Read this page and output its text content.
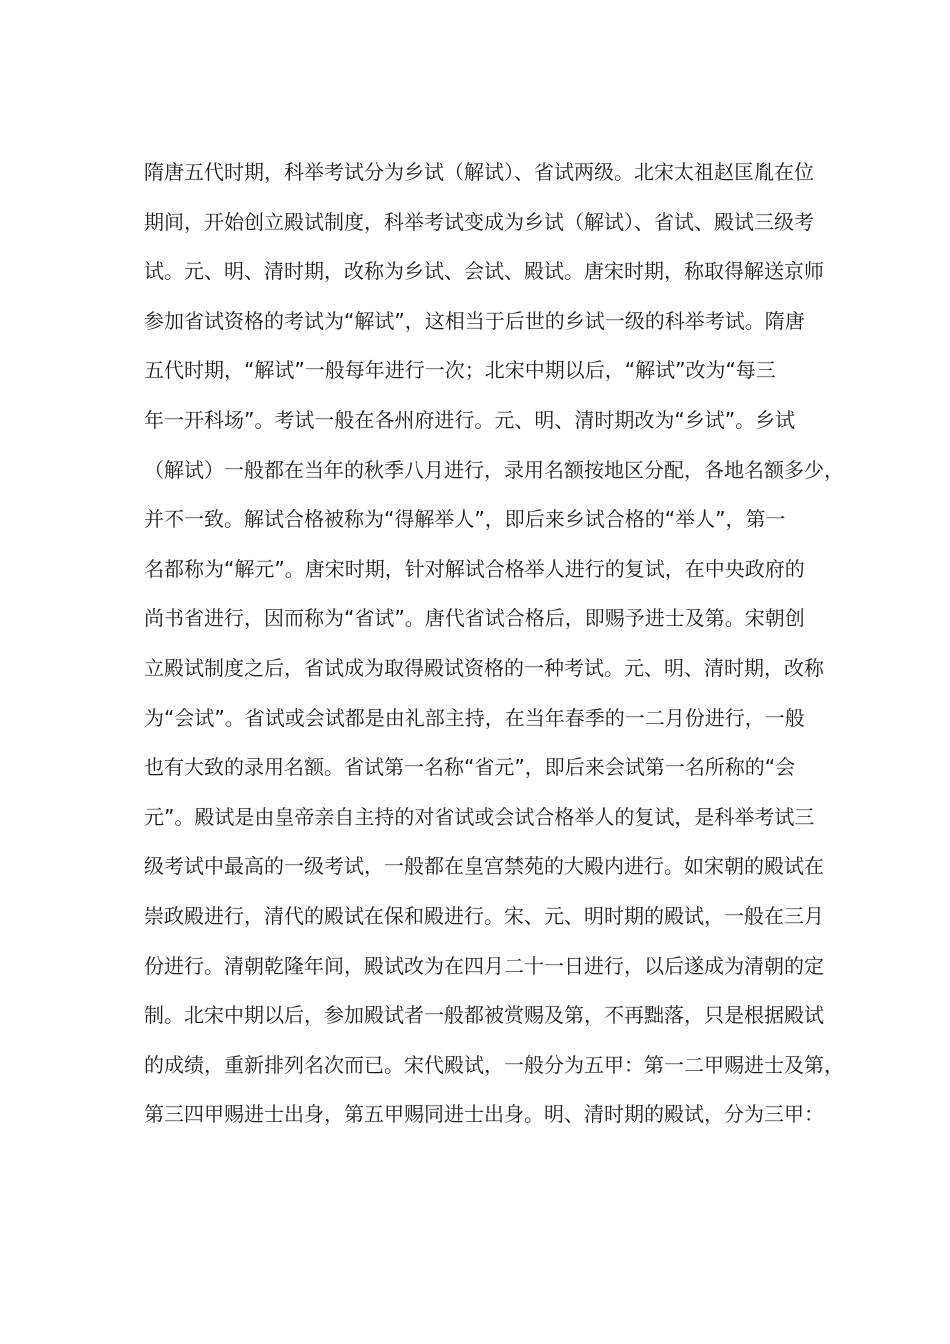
隋唐五代时期，科举考试分为乡试（解试）、省试两级。北宋太祖赵匡胤在位
期间，开始创立殿试制度，科举考试变成为乡试（解试）、省试、殿试三级考
试。元、明、清时期，改称为乡试、会试、殿试。唐宋时期，称取得解送京师
参加省试资格的考试为“解试”，这相当于后世的乡试一级的科举考试。隋唐
五代时期，“解试”一般每年进行一次；北宋中期以后，“解试”改为“每三
年一开科场”。考试一般在各州府进行。元、明、清时期改为“乡试”。乡试
（解试）一般都在当年的秋季八月进行，录用名额按地区分配，各地名额多少，
并不一致。解试合格被称为“得解举人”，即后来乡试合格的“举人”，第一
名都称为“解元”。唐宋时期，针对解试合格举人进行的复试，在中央政府的
尚书省进行，因而称为“省试”。唐代省试合格后，即赐予进士及第。宋朝创
立殿试制度之后，省试成为取得殿试资格的一种考试。元、明、清时期，改称
为“会试”。省试或会试都是由礼部主持，在当年春季的一二月份进行，一般
也有大致的录用名额。省试第一名称“省元”，即后来会试第一名所称的“会
元”。殿试是由皇帝亲自主持的对省试或会试合格举人的复试，是科举考试三
级考试中最高的一级考试，一般都在皇宫禁苑的大殿内进行。如宋朝的殿试在
崇政殿进行，清代的殿试在保和殿进行。宋、元、明时期的殿试，一般在三月
份进行。清朝乾隆年间，殿试改为在四月二十一日进行，以后遂成为清朝的定
制。北宋中期以后，参加殿试者一般都被赏赐及第，不再黜落，只是根据殿试
的成绩，重新排列名次而已。宋代殿试，一般分为五甲：第一二甲赐进士及第，
第三四甲赐进士出身，第五甲赐同进士出身。明、清时期的殿试，分为三甲：
